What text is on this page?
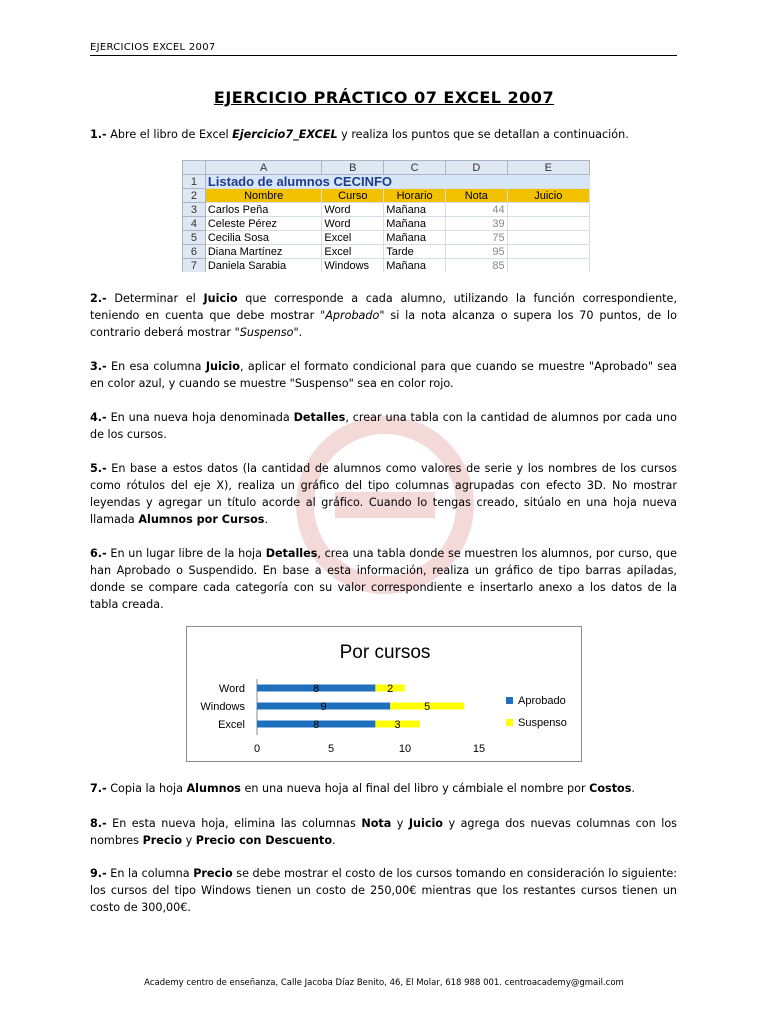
EJERCICIOS EXCEL 2007
EJERCICIO PRÁCTICO 07 EXCEL 2007
1.- Abre el libro de Excel Ejercicio7_EXCEL y realiza los puntos que se detallan a continuación.
	A	B	C	D	E
1	Listado de alumnos CECINFO				
2	Nombre	Curso	Horario	Nota	Juicio
3	Carlos Peña	Word	Mañana	44	
4	Celeste Pérez	Word	Mañana	39	
5	Cecilia Sosa	Excel	Mañana	75	
6	Diana Martínez	Excel	Tarde	95	
7	Daniela Sarabia	Windows	Mañana	85	
2.- Determinar el Juicio que corresponde a cada alumno, utilizando la función correspondiente, teniendo en cuenta que debe mostrar "Aprobado" si la nota alcanza o supera los 70 puntos, de lo contrario deberá mostrar "Suspenso".
3.- En esa columna Juicio, aplicar el formato condicional para que cuando se muestre "Aprobado" sea en color azul, y cuando se muestre "Suspenso" sea en color rojo.
4.- En una nueva hoja denominada Detalles, crear una tabla con la cantidad de alumnos por cada uno de los cursos.
5.- En base a estos datos (la cantidad de alumnos como valores de serie y los nombres de los cursos como rótulos del eje X), realiza un gráfico del tipo columnas agrupadas con efecto 3D. No mostrar leyendas y agregar un título acorde al gráfico. Cuando lo tengas creado, sitúalo en una hoja nueva llamada Alumnos por Cursos.
6.- En un lugar libre de la hoja Detalles, crea una tabla donde se muestren los alumnos, por curso, que han Aprobado o Suspendido. En base a esta información, realiza un gráfico de tipo barras apiladas, donde se compare cada categoría con su valor correspondiente e insertarlo anexo a los datos de la tabla creada.
Por cursos
Word	8	2
Windows	9	5
Excel	8	3
0	5	10	15
Aprobado
Suspenso
7.- Copia la hoja Alumnos en una nueva hoja al final del libro y cámbiale el nombre por Costos.
8.- En esta nueva hoja, elimina las columnas Nota y Juicio y agrega dos nuevas columnas con los nombres Precio y Precio con Descuento.
9.- En la columna Precio se debe mostrar el costo de los cursos tomando en consideración lo siguiente: los cursos del tipo Windows tienen un costo de 250,00€ mientras que los restantes cursos tienen un costo de 300,00€.
Academy centro de enseñanza, Calle Jacoba Díaz Benito, 46, El Molar, 618 988 001. centroacademy@gmail.com
